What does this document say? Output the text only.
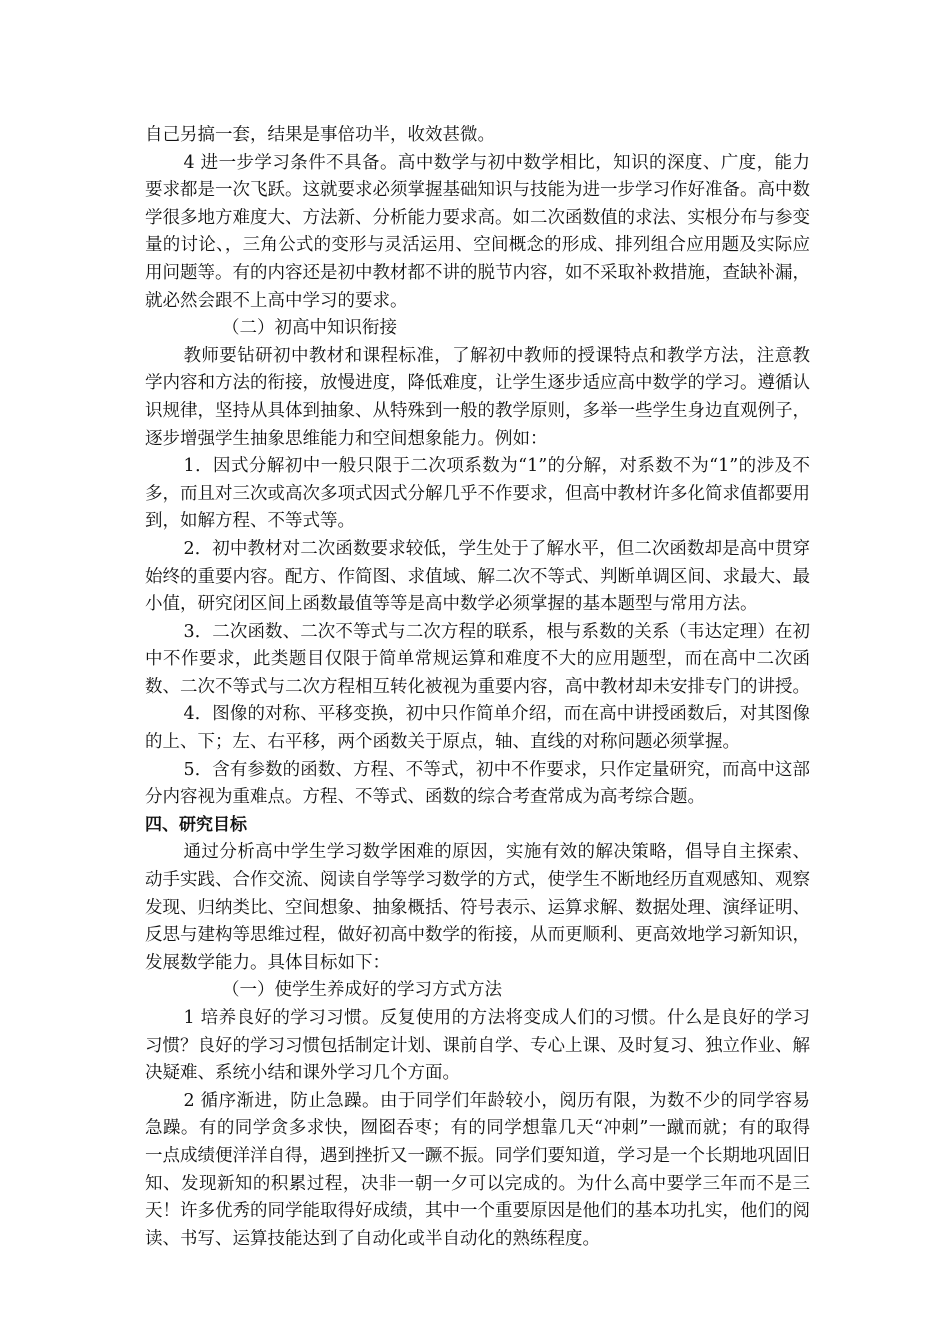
自己另搞一套，结果是事倍功半，收效甚微。

4 进一步学习条件不具备。高中数学与初中数学相比，知识的深度、广度，能力要求都是一次飞跃。这就要求必须掌握基础知识与技能为进一步学习作好准备。高中数学很多地方难度大、方法新、分析能力要求高。如二次函数值的求法、实根分布与参变量的讨论、，三角公式的变形与灵活运用、空间概念的形成、排列组合应用题及实际应用问题等。有的内容还是初中教材都不讲的脱节内容，如不采取补救措施，查缺补漏，就必然会跟不上高中学习的要求。

（二）初高中知识衔接

教师要钻研初中教材和课程标准，了解初中教师的授课特点和教学方法，注意教学内容和方法的衔接，放慢进度，降低难度，让学生逐步适应高中数学的学习。遵循认识规律，坚持从具体到抽象、从特殊到一般的教学原则，多举一些学生身边直观例子，逐步增强学生抽象思维能力和空间想象能力。例如：

1．因式分解初中一般只限于二次项系数为“1”的分解，对系数不为“1”的涉及不多，而且对三次或高次多项式因式分解几乎不作要求，但高中教材许多化简求值都要用到，如解方程、不等式等。

2．初中教材对二次函数要求较低，学生处于了解水平，但二次函数却是高中贯穿始终的重要内容。配方、作简图、求值域、解二次不等式、判断单调区间、求最大、最小值，研究闭区间上函数最值等等是高中数学必须掌握的基本题型与常用方法。

3．二次函数、二次不等式与二次方程的联系，根与系数的关系（韦达定理）在初中不作要求，此类题目仅限于简单常规运算和难度不大的应用题型，而在高中二次函数、二次不等式与二次方程相互转化被视为重要内容，高中教材却未安排专门的讲授。

4．图像的对称、平移变换，初中只作简单介绍，而在高中讲授函数后，对其图像的上、下；左、右平移，两个函数关于原点，轴、直线的对称问题必须掌握。

5．含有参数的函数、方程、不等式，初中不作要求，只作定量研究，而高中这部分内容视为重难点。方程、不等式、函数的综合考查常成为高考综合题。

四、研究目标

通过分析高中学生学习数学困难的原因，实施有效的解决策略，倡导自主探索、动手实践、合作交流、阅读自学等学习数学的方式，使学生不断地经历直观感知、观察发现、归纳类比、空间想象、抽象概括、符号表示、运算求解、数据处理、演绎证明、反思与建构等思维过程，做好初高中数学的衔接，从而更顺利、更高效地学习新知识，发展数学能力。具体目标如下：

（一）使学生养成好的学习方式方法

1 培养良好的学习习惯。反复使用的方法将变成人们的习惯。什么是良好的学习习惯？良好的学习习惯包括制定计划、课前自学、专心上课、及时复习、独立作业、解决疑难、系统小结和课外学习几个方面。

2 循序渐进，防止急躁。由于同学们年龄较小，阅历有限，为数不少的同学容易急躁。有的同学贪多求快，囫囵吞枣；有的同学想靠几天“冲刺”一蹴而就；有的取得一点成绩便洋洋自得，遇到挫折又一蹶不振。同学们要知道，学习是一个长期地巩固旧知、发现新知的积累过程，决非一朝一夕可以完成的。为什么高中要学三年而不是三天！许多优秀的同学能取得好成绩，其中一个重要原因是他们的基本功扎实，他们的阅读、书写、运算技能达到了自动化或半自动化的熟练程度。
